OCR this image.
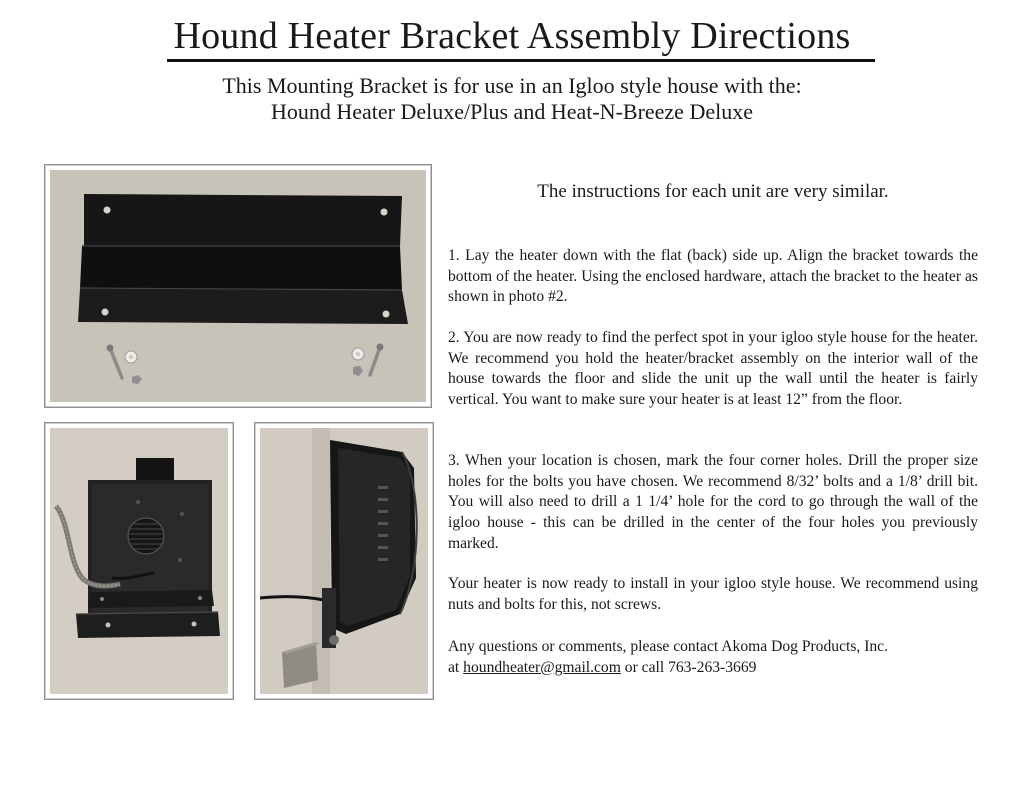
Hound Heater Bracket Assembly Directions
This Mounting Bracket is for use in an Igloo style house with the:
Hound Heater Deluxe/Plus and Heat-N-Breeze Deluxe
The instructions for each unit are very similar.

1. Lay the heater down with the flat (back) side up. Align the bracket towards the bottom of the heater. Using the enclosed hardware, attach the bracket to the heater as shown in photo #2.

2. You are now ready to find the perfect spot in your igloo style house for the heater. We recommend you hold the heater/bracket assembly on the interior wall of the house towards the floor and slide the unit up the wall until the heater is fairly vertical. You want to make sure your heater is at least 12” from the floor.

3. When your location is chosen, mark the four corner holes. Drill the proper size holes for the bolts you have chosen. We recommend 8/32’ bolts and a 1/8’ drill bit. You will also need to drill a 1 1/4’ hole for the cord to go through the wall of the igloo house - this can be drilled in the center of the four holes you previously marked.

Your heater is now ready to install in your igloo style house. We recommend using nuts and bolts for this, not screws.

Any questions or comments, please contact Akoma Dog Products, Inc.
at houndheater@gmail.com or call 763-263-3669
